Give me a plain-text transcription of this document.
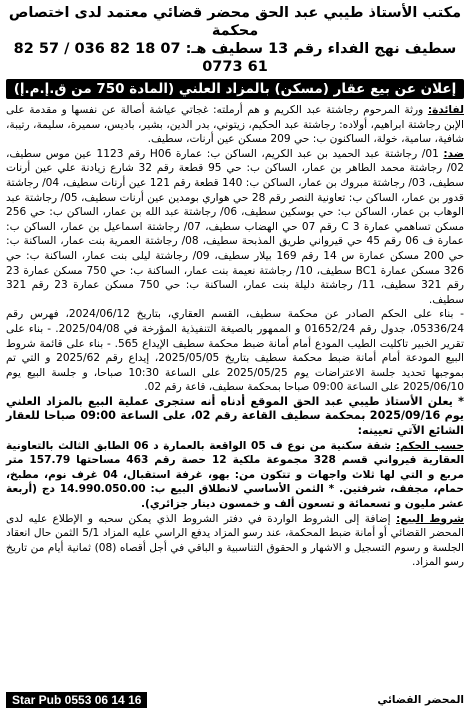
مكتب الأستاذ طيبي عبد الحق محضر قضائي معتمد لدى اختصاص محكمة
سطيف نهج الفداء رقم 13 سطيف هـ: 07 18 82 036 / 57 82 61 0773
إعلان عن بيع عقار (مسكن) بالمزاد العلني (المادة 750 من ق.إ.م.إ)

لفائدة: ورثة المرحوم رجاشتة عبد الكريم و هم أرملته: غجاتي عياشة أصالة عن نفسها و مقدمة على الإبن رجاشتة ابراهيم، أولاده: رجاشتة عبد الحكيم، زيتوني، بدر الدين، بشير، باديس، سميرة، سليمة، رتيبة، شافية، سامية، خولة، الساكنون ب: حي 209 مسكن عين أرنات، سطيف.

ضد: 01/ رجاشتة عبد الحميد بن عبد الكريم، الساكن ب: عمارة H06 رقم 1123 عين موس سطيف، 02/ رجاشتة محمد الطاهر بن عمار، الساكن ب: حي 95 قطعة رقم 32 شارع زيادنة علي عين أرنات سطيف، 03/ رجاشتة مبروك بن عمار، الساكن ب: 140 قطعة رقم 121 عين أرنات سطيف، 04/ رجاشتة قدور بن عمار، الساكن ب: تعاونية النصر رقم 28 حي هواري بومدين عين أرنات سطيف، 05/ رجاشتة عبد الوهاب بن عمار، الساكن ب: حي بوسكين سطيف، 06/ رجاشتة عبد الله بن عمار، الساكن ب: حي 256 مسكن تساهمي عمارة 3 C رقم 07 حي الهضاب سطيف، 07/ رجاشتة اسماعيل بن عمار، الساكن ب: عمارة ف 06 رقم 45 حي قيرواني طريق المذبحة سطيف، 08/ رجاشتة العمرية بنت عمار، الساكنة ب: حي 200 مسكن عمارة س 14 رقم 169 بيلار سطيف، 09/ رجاشتة ليلى بنت عمار، الساكنة ب: حي 326 مسكن عمارة BC1 سطيف، 10/ رجاشتة نعيمة بنت عمار، الساكنة ب: حي 750 مسكن عمارة 23 رقم 321 سطيف، 11/ رجاشتة دليلة بنت عمار، الساكنة ب: حي 750 مسكن عمارة 23 رقم 321 سطيف.

- بناء على الحكم الصادر عن محكمة سطيف، القسم العقاري، بتاريخ 2024/06/12، فهرس رقم 05336/24، جدول رقم 01652/24 و الممهور بالصيغة التنفيذية المؤرخة في 2025/04/08. - بناء على تقرير الخبير تاكليت الطيب المودع أمام أمانة ضبط محكمة سطيف الإيداع 565. - بناء على قائمة شروط البيع المودعة أمام أمانة ضبط محكمة سطيف بتاريخ 2025/05/05، إيداع رقم 2025/62 و التي تم بموجبها تحديد جلسة الاعتراضات يوم 2025/05/25 على الساعة 10:30 صباحا، و جلسة البيع يوم 2025/06/10 على الساعة 09:00 صباحا بمحكمة سطيف، قاعة رقم 02.

* يعلن الأستاذ طيبي عبد الحق الموقع أدناه أنه ستجرى عملية البيع بالمزاد العلني يوم 2025/09/16 بمحكمة سطيف القاعة رقم 02، على الساعة 09:00 صباحا للعقار الشائع الآتي تعيينه:

حسب الحكم: شقة سكنية من نوع ف 05 الواقعة بالعمارة د 06 الطابق الثالث بالتعاونية العقارية قيرواني قسم 328 مجموعة ملكية 12 حصة رقم 463 مساحتها 157.79 متر مربع و التي لها ثلاث واجهات و تتكون من: بهو، غرفة استقبال، 04 غرف نوم، مطبخ، حمام، مجفف، شرفتين. * الثمن الأساسي لانطلاق البيع ب: 14.990.050.00 دج (أربعة عشر مليون و تسعمائة و تسعون ألف و خمسون دينار جزائري).

شروط البيع: إضافة إلى الشروط الواردة في دفتر الشروط الذي يمكن سحبه و الإطلاع عليه لدى المحضر القضائي أو أمانة ضبط المحكمة، عند رسو المزاد يدفع الراسي عليه المزاد 5/1 الثمن حال انعقاد الجلسة و رسوم التسجيل و الاشهار و الحقوق التناسبية و الباقي في أجل أقصاه (08) ثمانية أيام من تاريخ رسو المزاد.

المحضر القضائي
Star Pub 0553 06 14 16
